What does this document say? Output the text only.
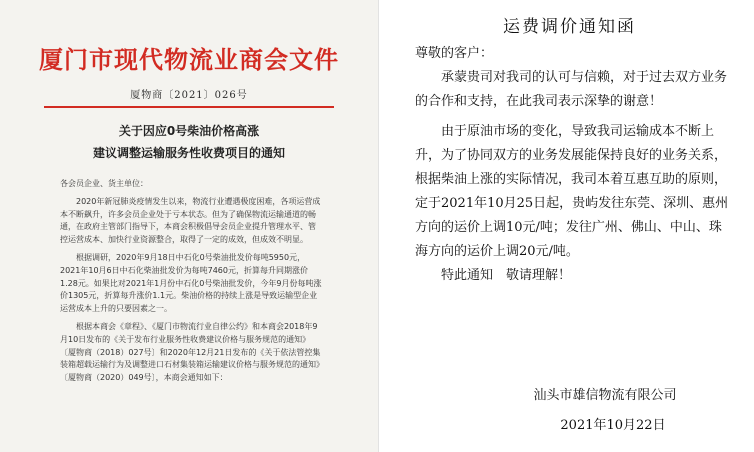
厦门市现代物流业商会文件
厦物商〔2021〕026号
关于因应0号柴油价格高涨
建议调整运输服务性收费项目的通知

各会员企业、货主单位：

2020年新冠肺炎疫情发生以来，物流行业遭遇极度困难，各项运营成本不断飙升，许多会员企业处于亏本状态。但为了确保物流运输通道的畅通，在政府主管部门指导下，本商会积极倡导会员企业提升管理水平、管控运营成本、加快行业资源整合，取得了一定的成效，但成效不明显。

根据调研，2020年9月18日中石化0号柴油批发价每吨5950元，2021年10月6日中石化柴油批发价为每吨7460元，折算每升同期涨价1.28元。如果比对2021年1月份中石化0号柴油批发价，今年9月份每吨涨价1305元，折算每升涨价1.1元。柴油价格的持续上涨是导致运输型企业运营成本上升的只要因素之一。

根据本商会《章程》、《厦门市物流行业自律公约》和本商会2018年9月10日发布的《关于发布行业服务性收费建议价格与服务规范的通知》〔厦物商（2018）027号〕和2020年12月21日发布的《关于依法管控集装箱超载运输行为及调整进口石材集装箱运输建议价格与服务规范的通知》〔厦物商（2020）049号〕，本商会通知如下：

运费调价通知函

尊敬的客户：

承蒙贵司对我司的认可与信赖，对于过去双方业务的合作和支持，在此我司表示深挚的谢意！

由于原油市场的变化，导致我司运输成本不断上升，为了协同双方的业务发展能保持良好的业务关系，根据柴油上涨的实际情况，我司本着互惠互助的原则，定于2021年10月25日起，贵屿发往东莞、深圳、惠州方向的运价上调10元/吨；发往广州、佛山、中山、珠海方向的运价上调20元/吨。

特此通知　敬请理解！

汕头市雄信物流有限公司
2021年10月22日
